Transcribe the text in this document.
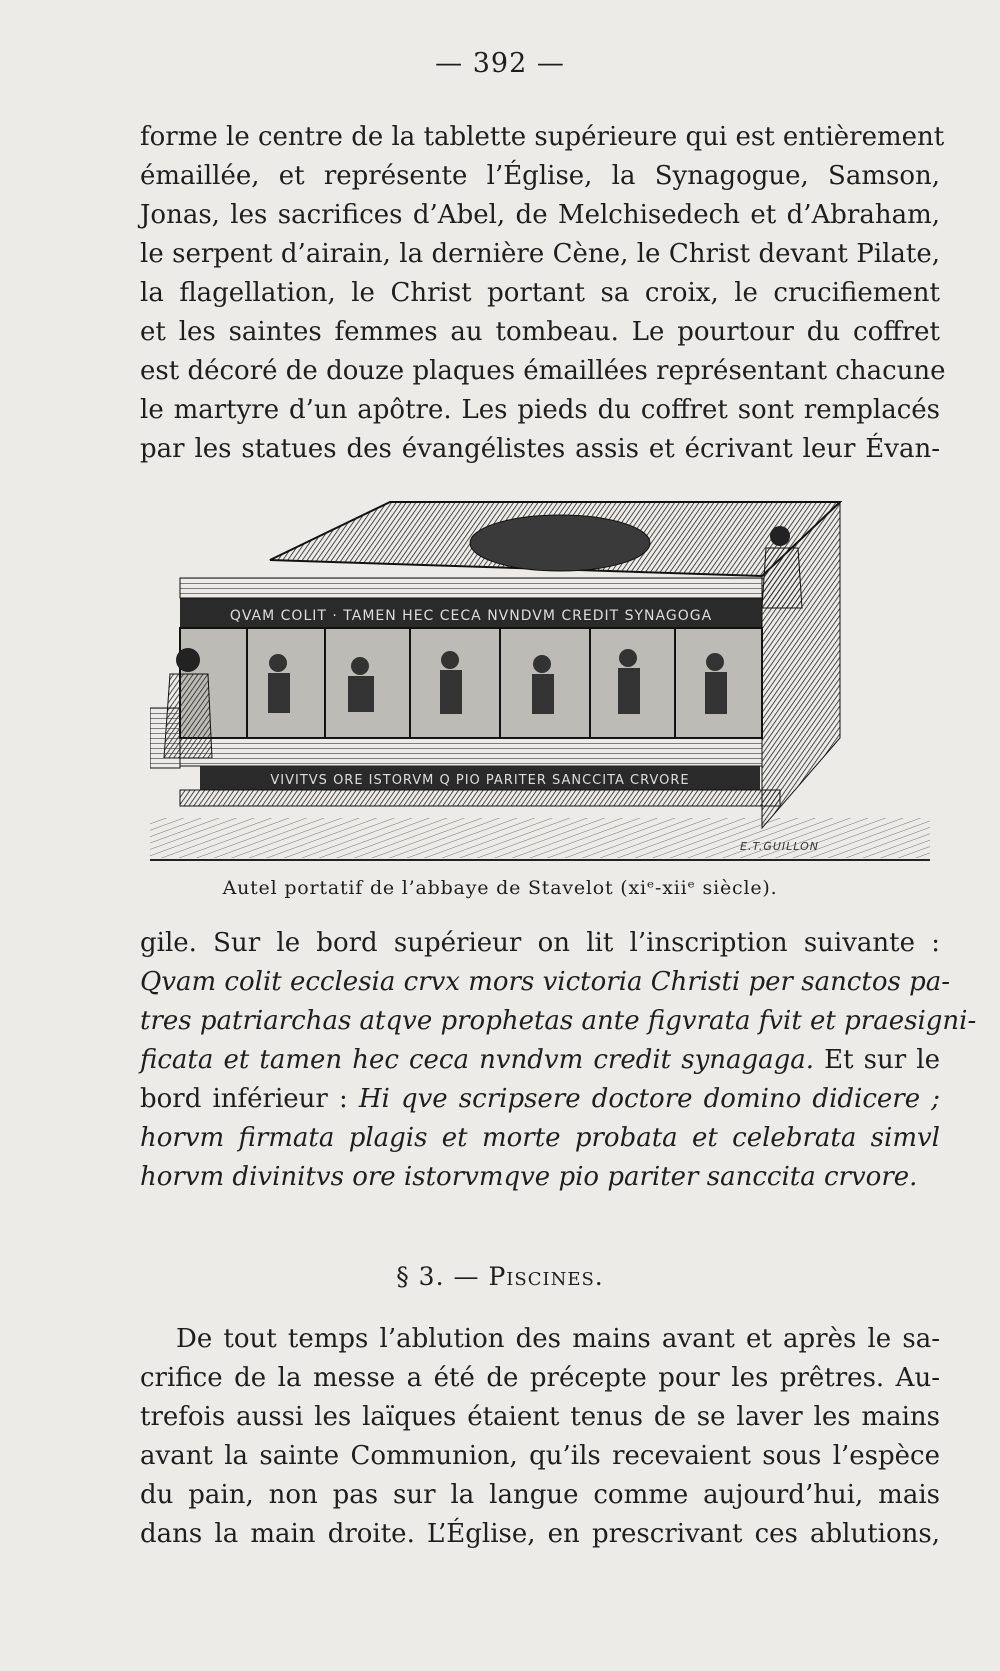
— 392 —
forme le centre de la tablette supérieure qui est entièrement
émaillée, et représente l’Église, la Synagogue, Samson,
Jonas, les sacrifices d’Abel, de Melchisedech et d’Abraham,
le serpent d’airain, la dernière Cène, le Christ devant Pilate,
la flagellation, le Christ portant sa croix, le crucifiement
et les saintes femmes au tombeau. Le pourtour du coffret
est décoré de douze plaques émaillées représentant chacune
le martyre d’un apôtre. Les pieds du coffret sont remplacés
par les statues des évangélistes assis et écrivant leur Évan-
QVAM COLIT · TAMEN HEC CECA NVNDVM CREDIT SYNAGOGA
VIVITVS ORE ISTORVM Q PIO PARITER SANCCITA CRVORE
E.T.GUILLON
Autel portatif de l’abbaye de Stavelot (xiᵉ-xiiᵉ siècle).
gile. Sur le bord supérieur on lit l’inscription suivante :
Qvam colit ecclesia crvx mors victoria Christi per sanctos pa-
tres patriarchas atqve prophetas ante figvrata fvit et praesigni-
ficata et tamen hec ceca nvndvm credit synagaga. Et sur le
bord inférieur : Hi qve scripsere doctore domino didicere ;
horvm firmata plagis et morte probata et celebrata simvl
horvm divinitvs ore istorvmqve pio pariter sanccita crvore.
§ 3. — Piscines.
De tout temps l’ablution des mains avant et après le sa-
crifice de la messe a été de précepte pour les prêtres. Au-
trefois aussi les laïques étaient tenus de se laver les mains
avant la sainte Communion, qu’ils recevaient sous l’espèce
du pain, non pas sur la langue comme aujourd’hui, mais
dans la main droite. L’Église, en prescrivant ces ablutions,
